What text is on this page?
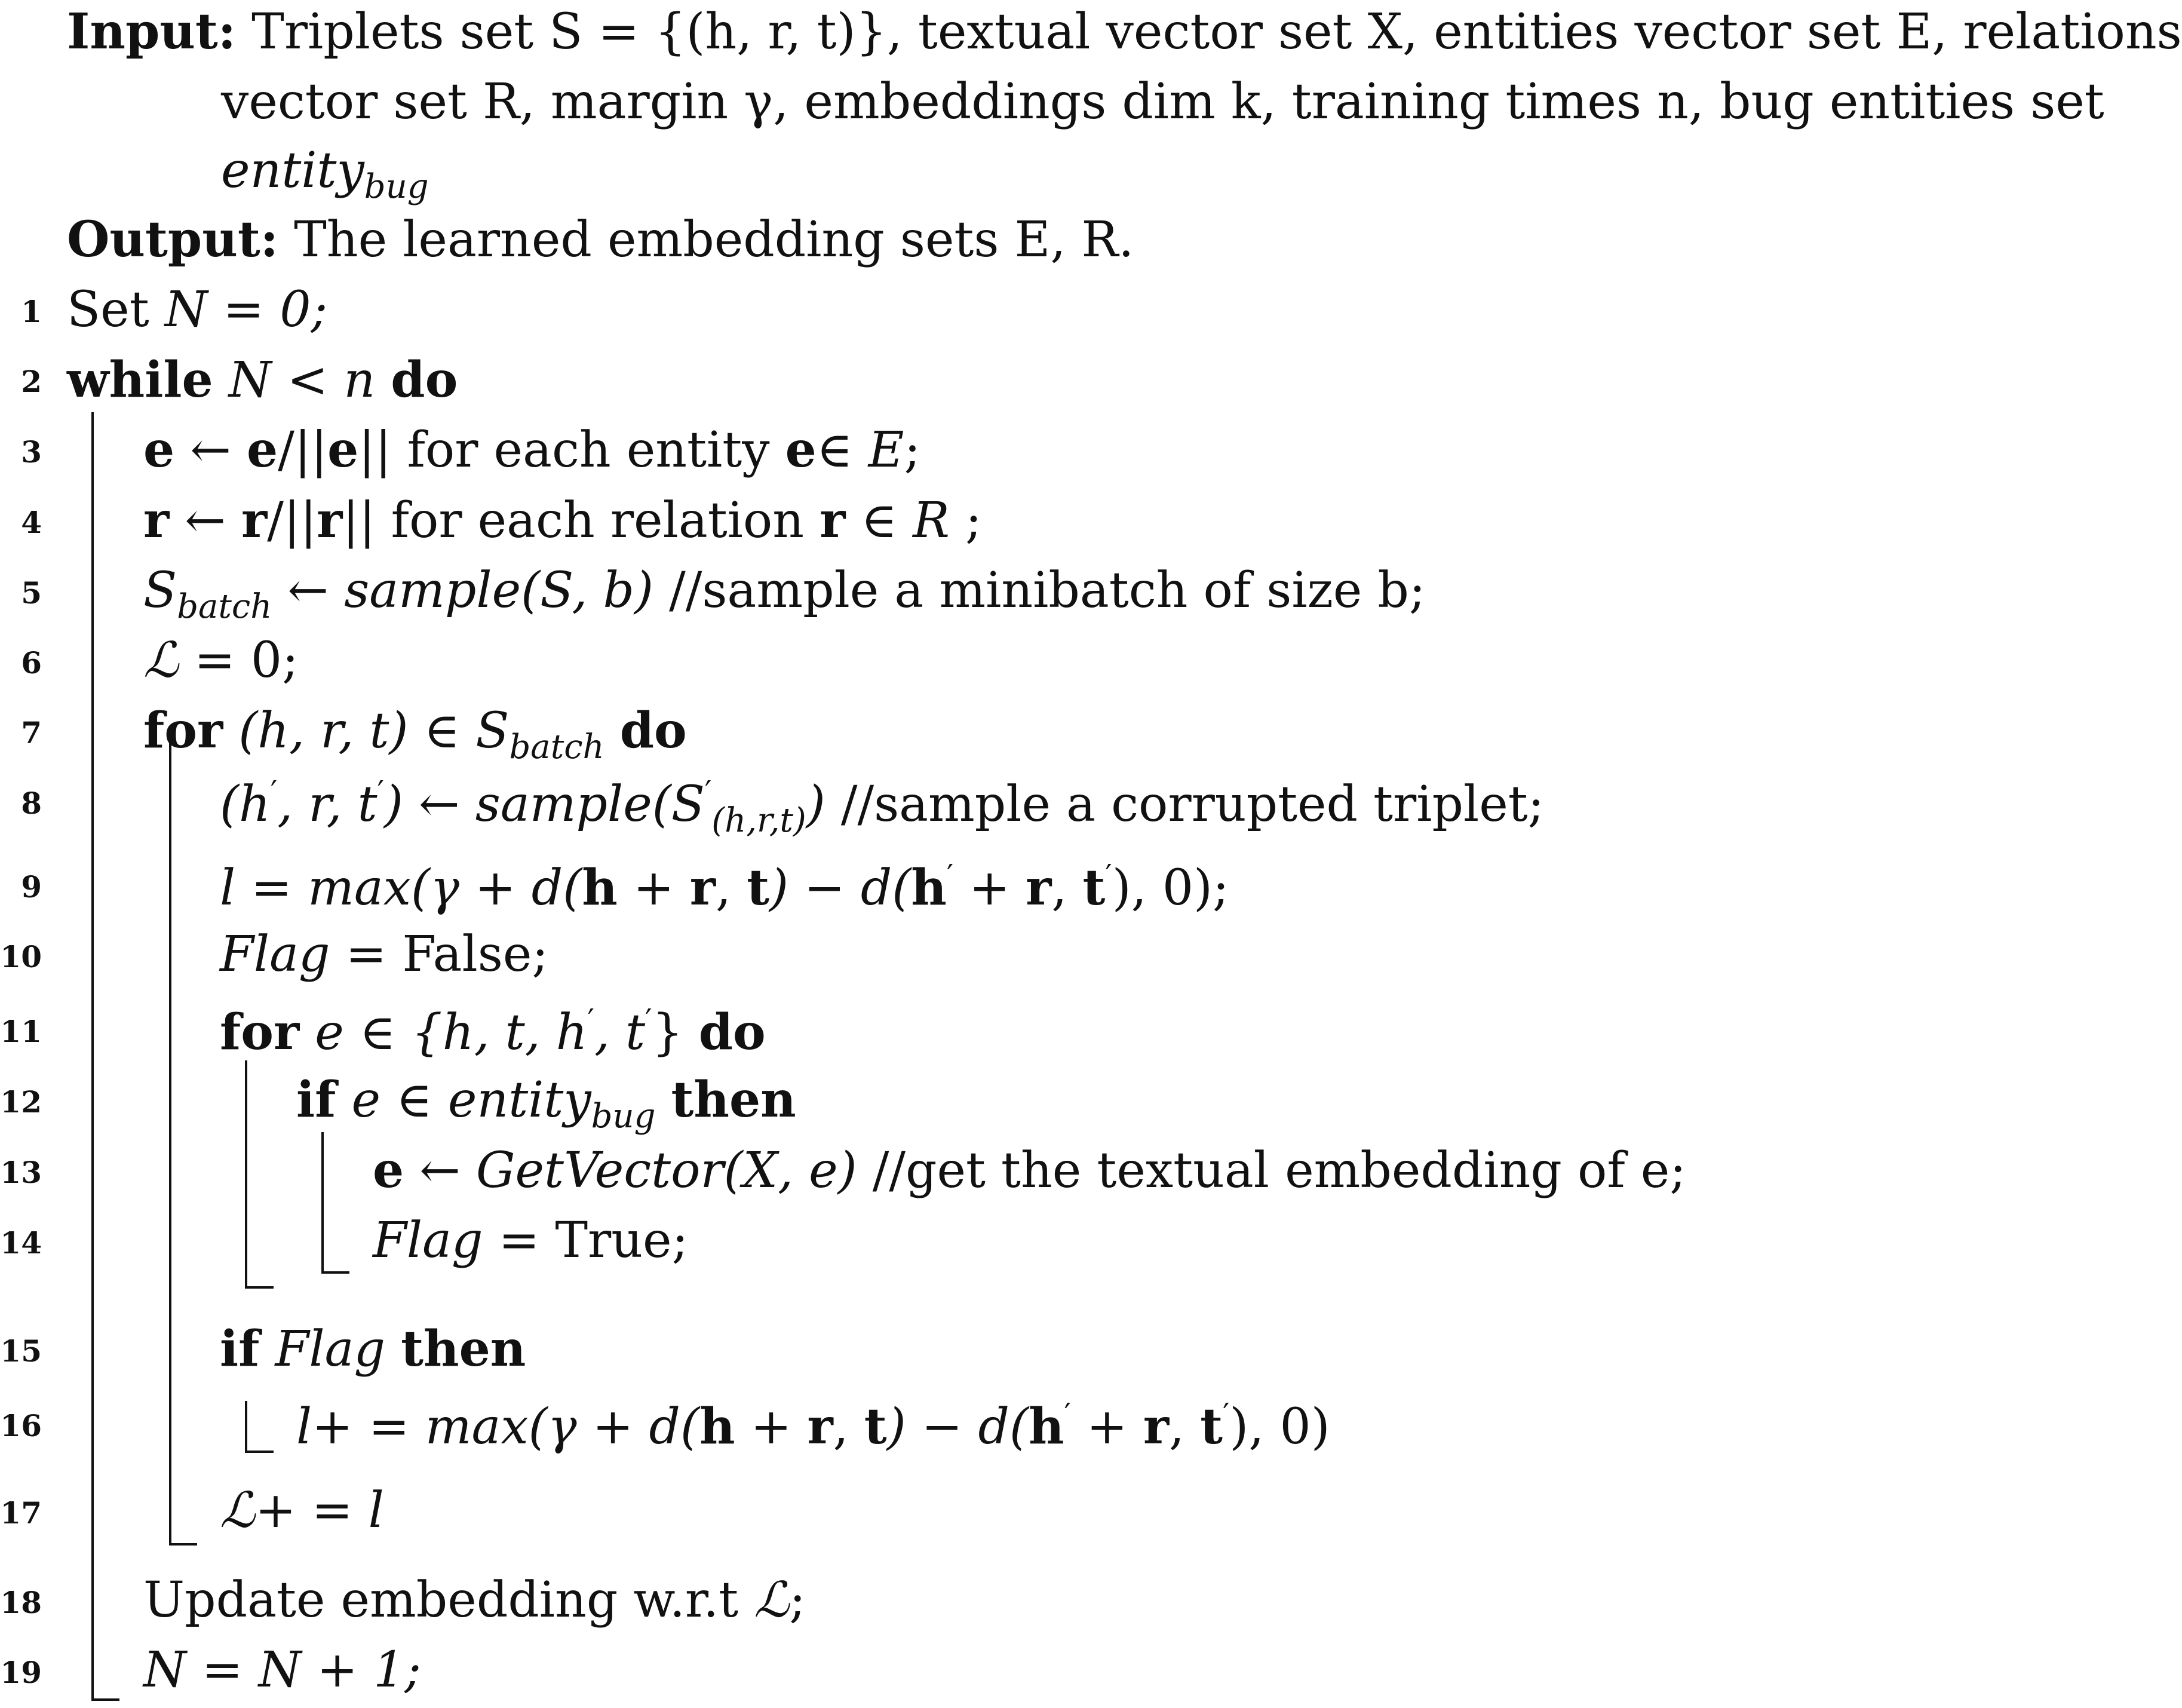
Input: Triplets set S = {(h, r, t)}, textual vector set X, entities vector set E, relations
vector set R, margin γ, embeddings dim k, training times n, bug entities set
entity$_{bug}$
Output: The learned embedding sets E, R.
1
2
3
4
5
6
7
8
9
10
11
12
13
14
15
16
17
18
19
Set N = 0;
while N < n do
e ← e/||e|| for each entity e∈ E;
r ← r/||r|| for each relation r ∈ R ;
$S_{batch}$ ← sample(S, b) //sample a minibatch of size b;
ℒ = 0;
for (h, r, t) ∈ $S_{batch}$ do
(h′, r, t′) ← $sample(S'_{(h,r,t)})$ //sample a corrupted triplet;
l = max(γ + d(h + r, t) − d(h′ + r, t′), 0);
Flag = False;
for e ∈ {h, t, h′, t′} do
if e ∈ entity$_{bug}$ then
e ← GetVector(X, e) //get the textual embedding of e;
Flag = True;
if Flag then
l+ = max(γ + d(h + r, t) − d(h′ + r, t′), 0)
ℒ+ = l
Update embedding w.r.t ℒ;
N = N + 1;
